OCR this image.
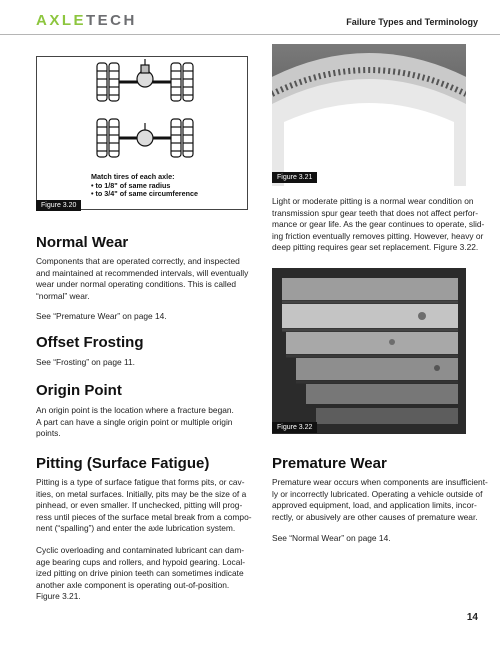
AXLETECH	Failure Types and Terminology
Match tires of each axle:
• to 1/8" of same radius
• to 3/4" of same circumference
Figure 3.20
Normal Wear
Components that are operated correctly, and inspected
and maintained at recommended intervals, will eventually
wear under normal operating conditions. This is called
“normal” wear.
See “Premature Wear” on page 14.
Offset Frosting
See “Frosting” on page 11.
Origin Point
An origin point is the location where a fracture began.
A part can have a single origin point or multiple origin
points.
Pitting (Surface Fatigue)
Pitting is a type of surface fatigue that forms pits, or cav-
ities, on metal surfaces. Initially, pits may be the size of a
pinhead, or even smaller. If unchecked, pitting will prog-
ress until pieces of the surface metal break from a compo-
nent (“spalling”) and enter the axle lubrication system.
Cyclic overloading and contaminated lubricant can dam-
age bearing cups and rollers, and hypoid gearing. Local-
ized pitting on drive pinion teeth can sometimes indicate
another axle component is operating out-of-position.
Figure 3.21.
Figure 3.21
Light or moderate pitting is a normal wear condition on
transmission spur gear teeth that does not affect perfor-
mance or gear life. As the gear continues to operate, slid-
ing friction eventually removes pitting. However, heavy or
deep pitting requires gear set replacement. Figure 3.22.
Figure 3.22
Premature Wear
Premature wear occurs when components are insufficient-
ly or incorrectly lubricated. Operating a vehicle outside of
approved equipment, load, and application limits, incor-
rectly, or abusively are other causes of premature wear.
See “Normal Wear” on page 14.
14
